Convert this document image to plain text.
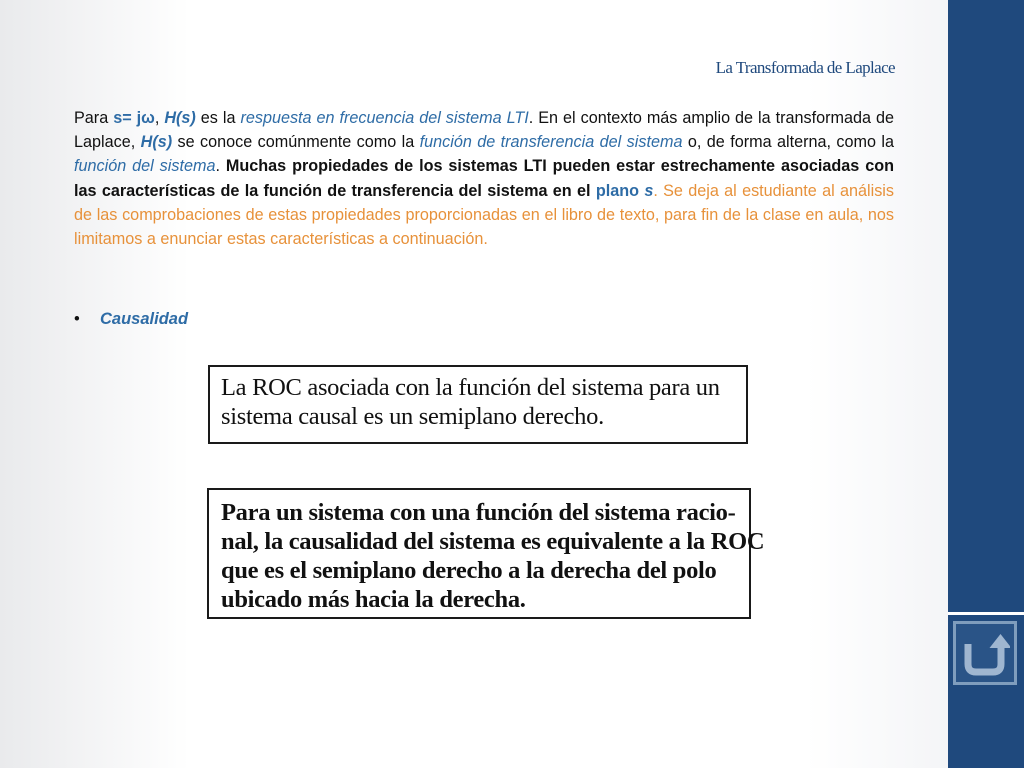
La Transformada de Laplace

Para s= jω, H(s) es la respuesta en frecuencia del sistema LTI. En el contexto más amplio de la transformada de Laplace, H(s) se conoce comúnmente como la función de transferencia del sistema o, de forma alterna, como la función del sistema. Muchas propiedades de los sistemas LTI pueden estar estrechamente asociadas con las características de la función de transferencia del sistema en el plano s. Se deja al estudiante al análisis de las comprobaciones de estas propiedades proporcionadas en el libro de texto, para fin de la clase en aula, nos limitamos a enunciar estas características a continuación.

• Causalidad
La ROC asociada con la función del sistema para un
sistema causal es un semiplano derecho.
Para un sistema con una función del sistema racio-
nal, la causalidad del sistema es equivalente a la ROC
que es el semiplano derecho a la derecha del polo
ubicado más hacia la derecha.
